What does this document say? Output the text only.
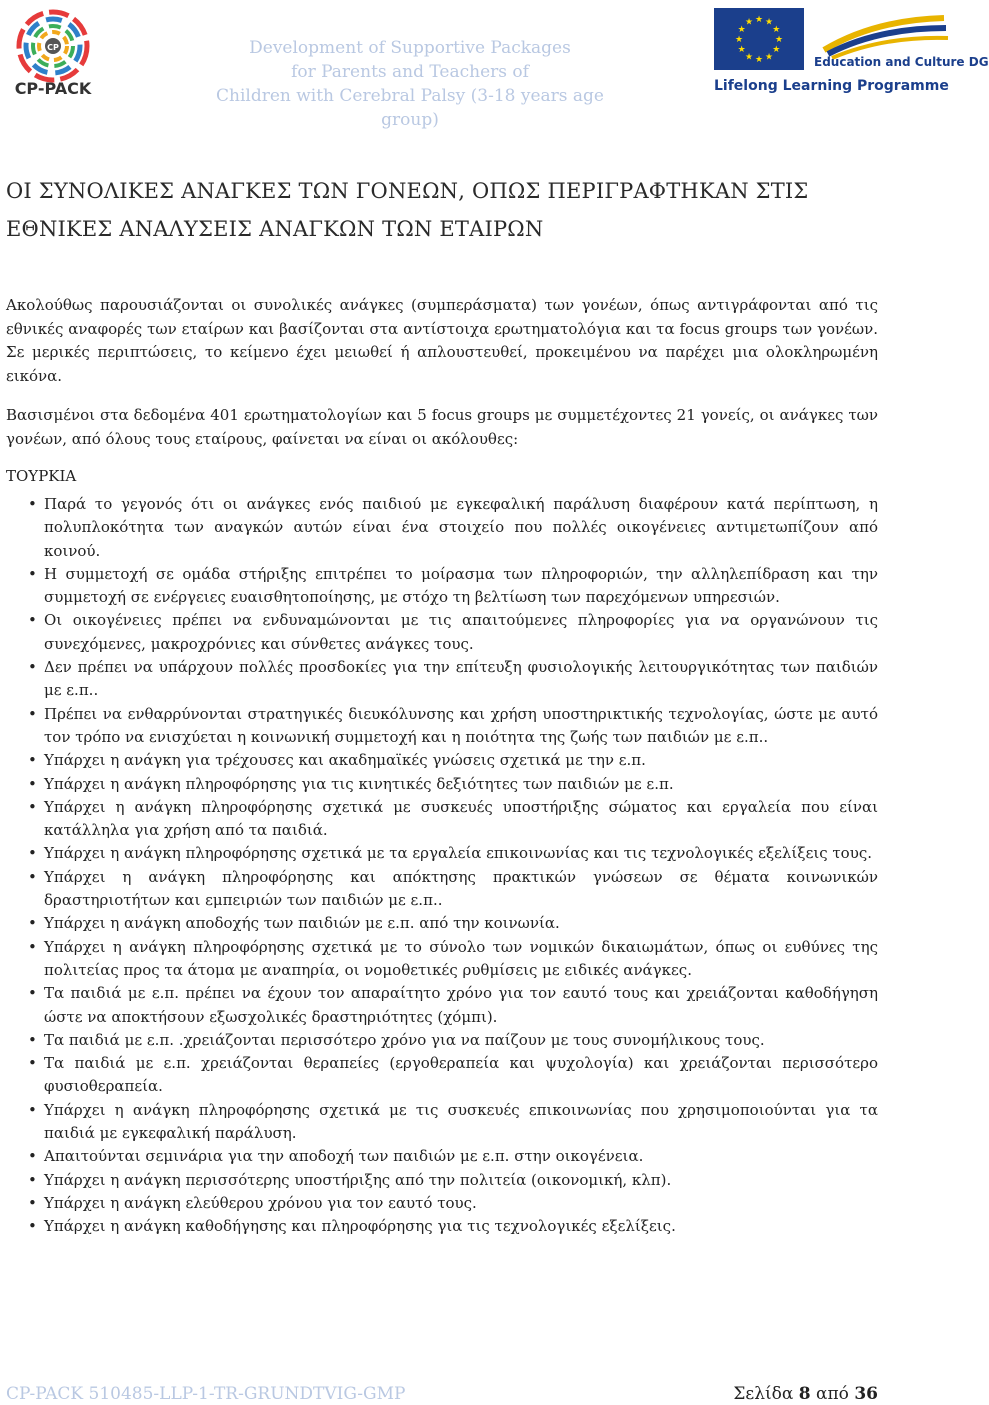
CP
CP-PACK
Development of Supportive Packages
for Parents and Teachers of
Children with Cerebral Palsy (3-18 years age group)
★ ★
★
★
★
★
★
★
★
★
★
★
Education and Culture DG
Lifelong Learning Programme
ΟΙ ΣΥΝΟΛΙΚΕΣ ΑΝΑΓΚΕΣ ΤΩΝ ΓΟΝΕΩΝ, ΟΠΩΣ ΠΕΡΙΓΡΑΦΤΗΚΑΝ ΣΤΙΣ
ΕΘΝΙΚΕΣ ΑΝΑΛΥΣΕΙΣ ΑΝΑΓΚΩΝ ΤΩΝ ΕΤΑΙΡΩΝ

Ακολούθως παρουσιάζονται οι συνολικές ανάγκες (συμπεράσματα) των γονέων, όπως αντιγράφονται από τις εθνικές αναφορές των εταίρων και βασίζονται στα αντίστοιχα ερωτηματολόγια και τα focus groups των γονέων. Σε μερικές περιπτώσεις, το κείμενο έχει μειωθεί ή απλουστευθεί, προκειμένου να παρέχει μια ολοκληρωμένη εικόνα.

Βασισμένοι στα δεδομένα 401 ερωτηματολογίων και 5 focus groups με συμμετέχοντες 21 γονείς, οι ανάγκες των γονέων, από όλους τους εταίρους, φαίνεται να είναι οι ακόλουθες:

ΤΟΥΡΚΙΑ
• Παρά το γεγονός ότι οι ανάγκες ενός παιδιού με εγκεφαλική παράλυση διαφέρουν κατά περίπτωση, η πολυπλοκότητα των αναγκών αυτών είναι ένα στοιχείο που πολλές οικογένειες αντιμετωπίζουν από κοινού.
• Η συμμετοχή σε ομάδα στήριξης επιτρέπει το μοίρασμα των πληροφοριών, την αλληλεπίδραση και την συμμετοχή σε ενέργειες ευαισθητοποίησης, με στόχο τη βελτίωση των παρεχόμενων υπηρεσιών.
• Οι οικογένειες πρέπει να ενδυναμώνονται με τις απαιτούμενες πληροφορίες για να οργανώνουν τις συνεχόμενες, μακροχρόνιες και σύνθετες ανάγκες τους.
• Δεν πρέπει να υπάρχουν πολλές προσδοκίες για την επίτευξη φυσιολογικής λειτουργικότητας των παιδιών με ε.π..
• Πρέπει να ενθαρρύνονται στρατηγικές διευκόλυνσης και χρήση υποστηρικτικής τεχνολογίας, ώστε με αυτό τον τρόπο να ενισχύεται η κοινωνική συμμετοχή και η ποιότητα της ζωής των παιδιών με ε.π..
• Υπάρχει η ανάγκη για τρέχουσες και ακαδημαϊκές γνώσεις σχετικά με την ε.π.
• Υπάρχει η ανάγκη πληροφόρησης για τις κινητικές δεξιότητες των παιδιών με ε.π.
• Υπάρχει η ανάγκη πληροφόρησης σχετικά με συσκευές υποστήριξης σώματος και εργαλεία που είναι κατάλληλα για χρήση από τα παιδιά.
• Υπάρχει η ανάγκη πληροφόρησης σχετικά με τα εργαλεία επικοινωνίας και τις τεχνολογικές εξελίξεις τους.
• Υπάρχει η ανάγκη πληροφόρησης και απόκτησης πρακτικών γνώσεων σε θέματα κοινωνικών δραστηριοτήτων και εμπειριών των παιδιών με ε.π..
• Υπάρχει η ανάγκη αποδοχής των παιδιών με ε.π. από την κοινωνία.
• Υπάρχει η ανάγκη πληροφόρησης σχετικά με το σύνολο των νομικών δικαιωμάτων, όπως οι ευθύνες της πολιτείας προς τα άτομα με αναπηρία, οι νομοθετικές ρυθμίσεις με ειδικές ανάγκες.
• Τα παιδιά με ε.π. πρέπει να έχουν τον απαραίτητο χρόνο για τον εαυτό τους και χρειάζονται καθοδήγηση ώστε να αποκτήσουν εξωσχολικές δραστηριότητες (χόμπι).
• Τα παιδιά με ε.π. .χρειάζονται περισσότερο χρόνο για να παίζουν με τους συνομήλικους τους.
• Τα παιδιά με ε.π. χρειάζονται θεραπείες (εργοθεραπεία και ψυχολογία) και χρειάζονται περισσότερο φυσιοθεραπεία.
• Υπάρχει η ανάγκη πληροφόρησης σχετικά με τις συσκευές επικοινωνίας που χρησιμοποιούνται για τα παιδιά με εγκεφαλική παράλυση.
• Απαιτούνται σεμινάρια για την αποδοχή των παιδιών με ε.π. στην οικογένεια.
• Υπάρχει η ανάγκη περισσότερης υποστήριξης από την πολιτεία (οικονομική, κλπ).
• Υπάρχει η ανάγκη ελεύθερου χρόνου για τον εαυτό τους.
• Υπάρχει η ανάγκη καθοδήγησης και πληροφόρησης για τις τεχνολογικές εξελίξεις.
CP-PACK 510485-LLP-1-TR-GRUNDTVIG-GMP	Σελίδα 8 από 36
